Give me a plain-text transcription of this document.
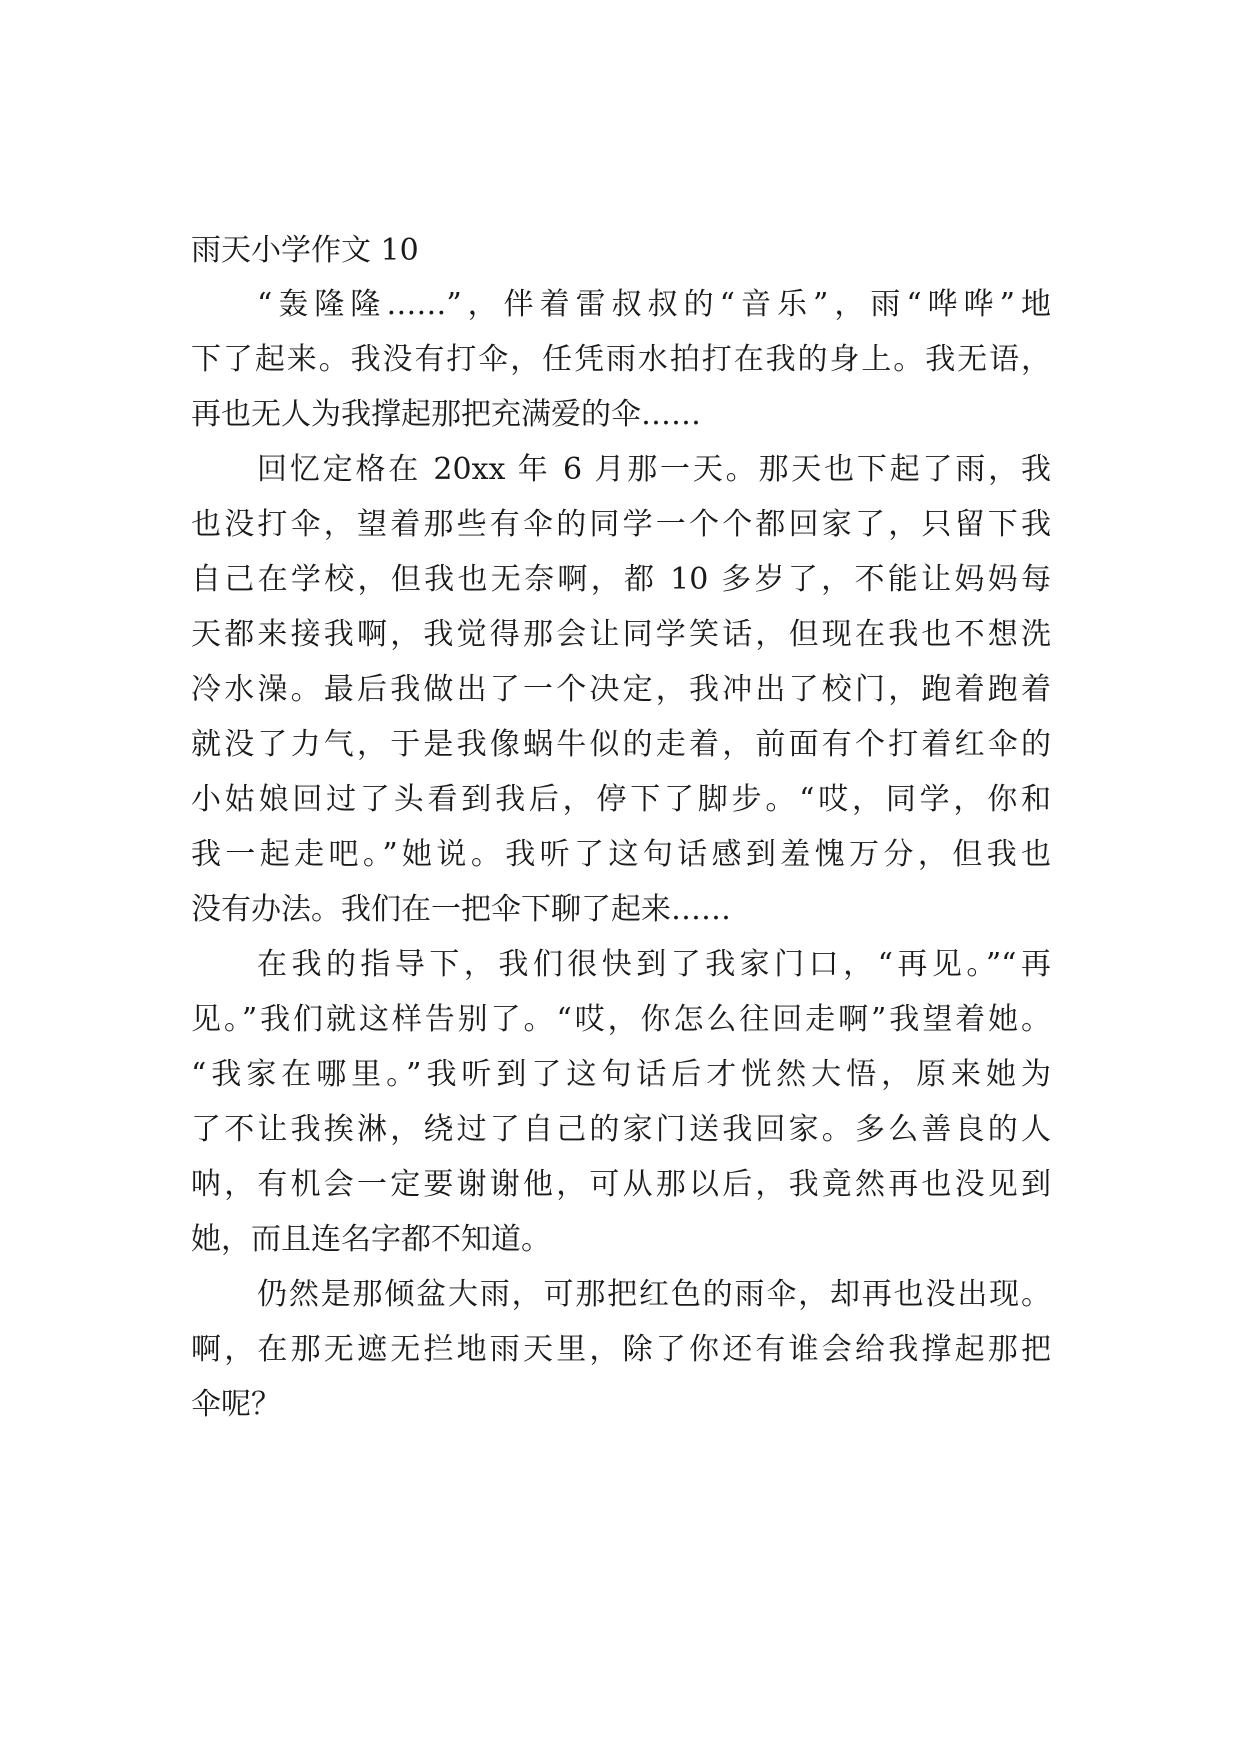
雨天小学作文 10
“轰隆隆……”，伴着雷叔叔的“音乐”，雨“哗哗”地
下了起来。我没有打伞，任凭雨水拍打在我的身上。我无语，
再也无人为我撑起那把充满爱的伞……
回忆定格在 20xx 年 6 月那一天。那天也下起了雨，我
也没打伞，望着那些有伞的同学一个个都回家了，只留下我
自己在学校，但我也无奈啊，都 10 多岁了，不能让妈妈每
天都来接我啊，我觉得那会让同学笑话，但现在我也不想洗
冷水澡。最后我做出了一个决定，我冲出了校门，跑着跑着
就没了力气，于是我像蜗牛似的走着，前面有个打着红伞的
小姑娘回过了头看到我后，停下了脚步。“哎，同学，你和
我一起走吧。”她说。我听了这句话感到羞愧万分，但我也
没有办法。我们在一把伞下聊了起来……
在我的指导下，我们很快到了我家门口，“再见。”“再
见。”我们就这样告别了。“哎，你怎么往回走啊”我望着她。
“我家在哪里。”我听到了这句话后才恍然大悟，原来她为
了不让我挨淋，绕过了自己的家门送我回家。多么善良的人
呐，有机会一定要谢谢他，可从那以后，我竟然再也没见到
她，而且连名字都不知道。
仍然是那倾盆大雨，可那把红色的雨伞，却再也没出现。
啊，在那无遮无拦地雨天里，除了你还有谁会给我撑起那把
伞呢？
